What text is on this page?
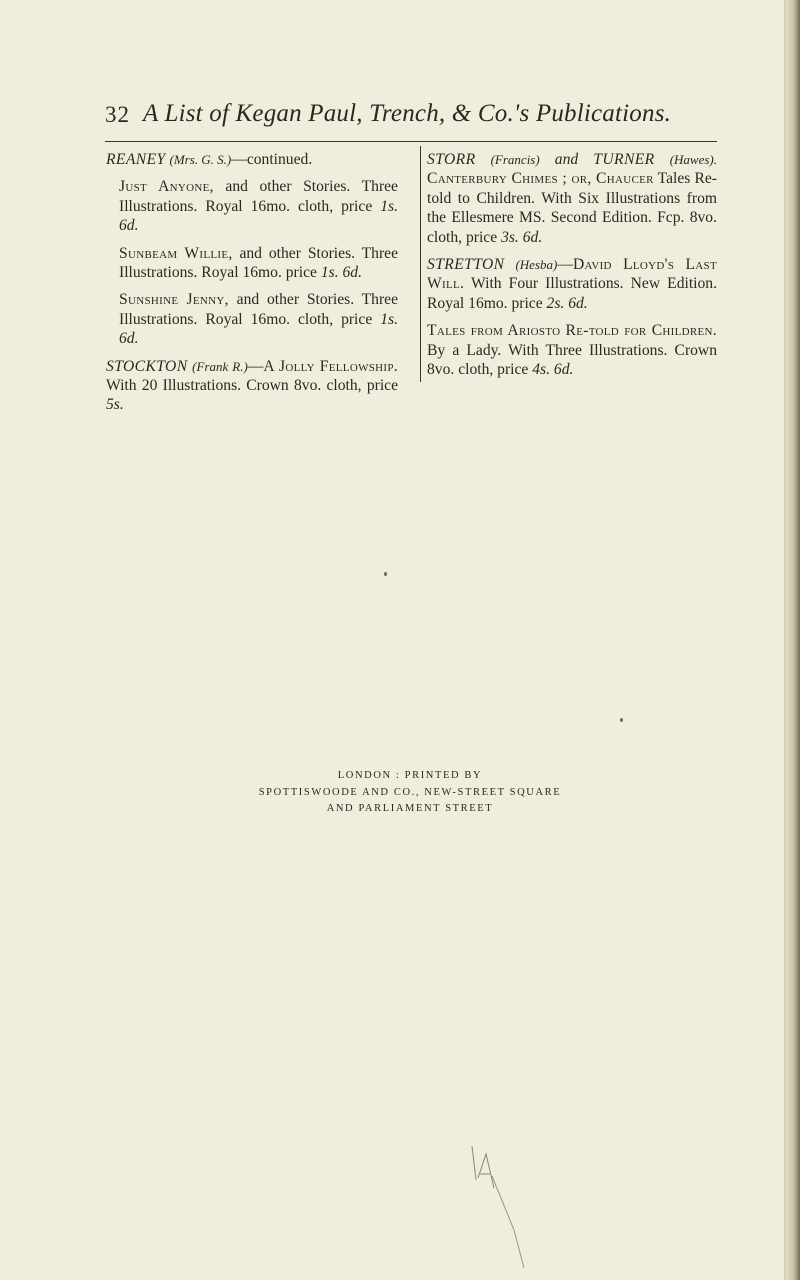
32 A List of Kegan Paul, Trench, & Co.'s Publications.

REANEY (Mrs. G. S.)—continued.

Just Anyone, and other Stories. Three Illustrations. Royal 16mo. cloth, price 1s. 6d.

Sunbeam Willie, and other Stories. Three Illustrations. Royal 16mo. price 1s. 6d.

Sunshine Jenny, and other Stories. Three Illustrations. Royal 16mo. cloth, price 1s. 6d.

STOCKTON (Frank R.)—A Jolly Fellowship. With 20 Illustrations. Crown 8vo. cloth, price 5s.

STORR (Francis) and TURNER (Hawes). Canterbury Chimes ; or, Chaucer Tales Re-told to Children. With Six Illustrations from the Ellesmere MS. Second Edition. Fcp. 8vo. cloth, price 3s. 6d.

STRETTON (Hesba)—David Lloyd's Last Will. With Four Illustrations. New Edition. Royal 16mo. price 2s. 6d.

Tales from Ariosto Re-told for Children. By a Lady. With Three Illustrations. Crown 8vo. cloth, price 4s. 6d.

LONDON : PRINTED BY
SPOTTISWOODE AND CO., NEW-STREET SQUARE
AND PARLIAMENT STREET
